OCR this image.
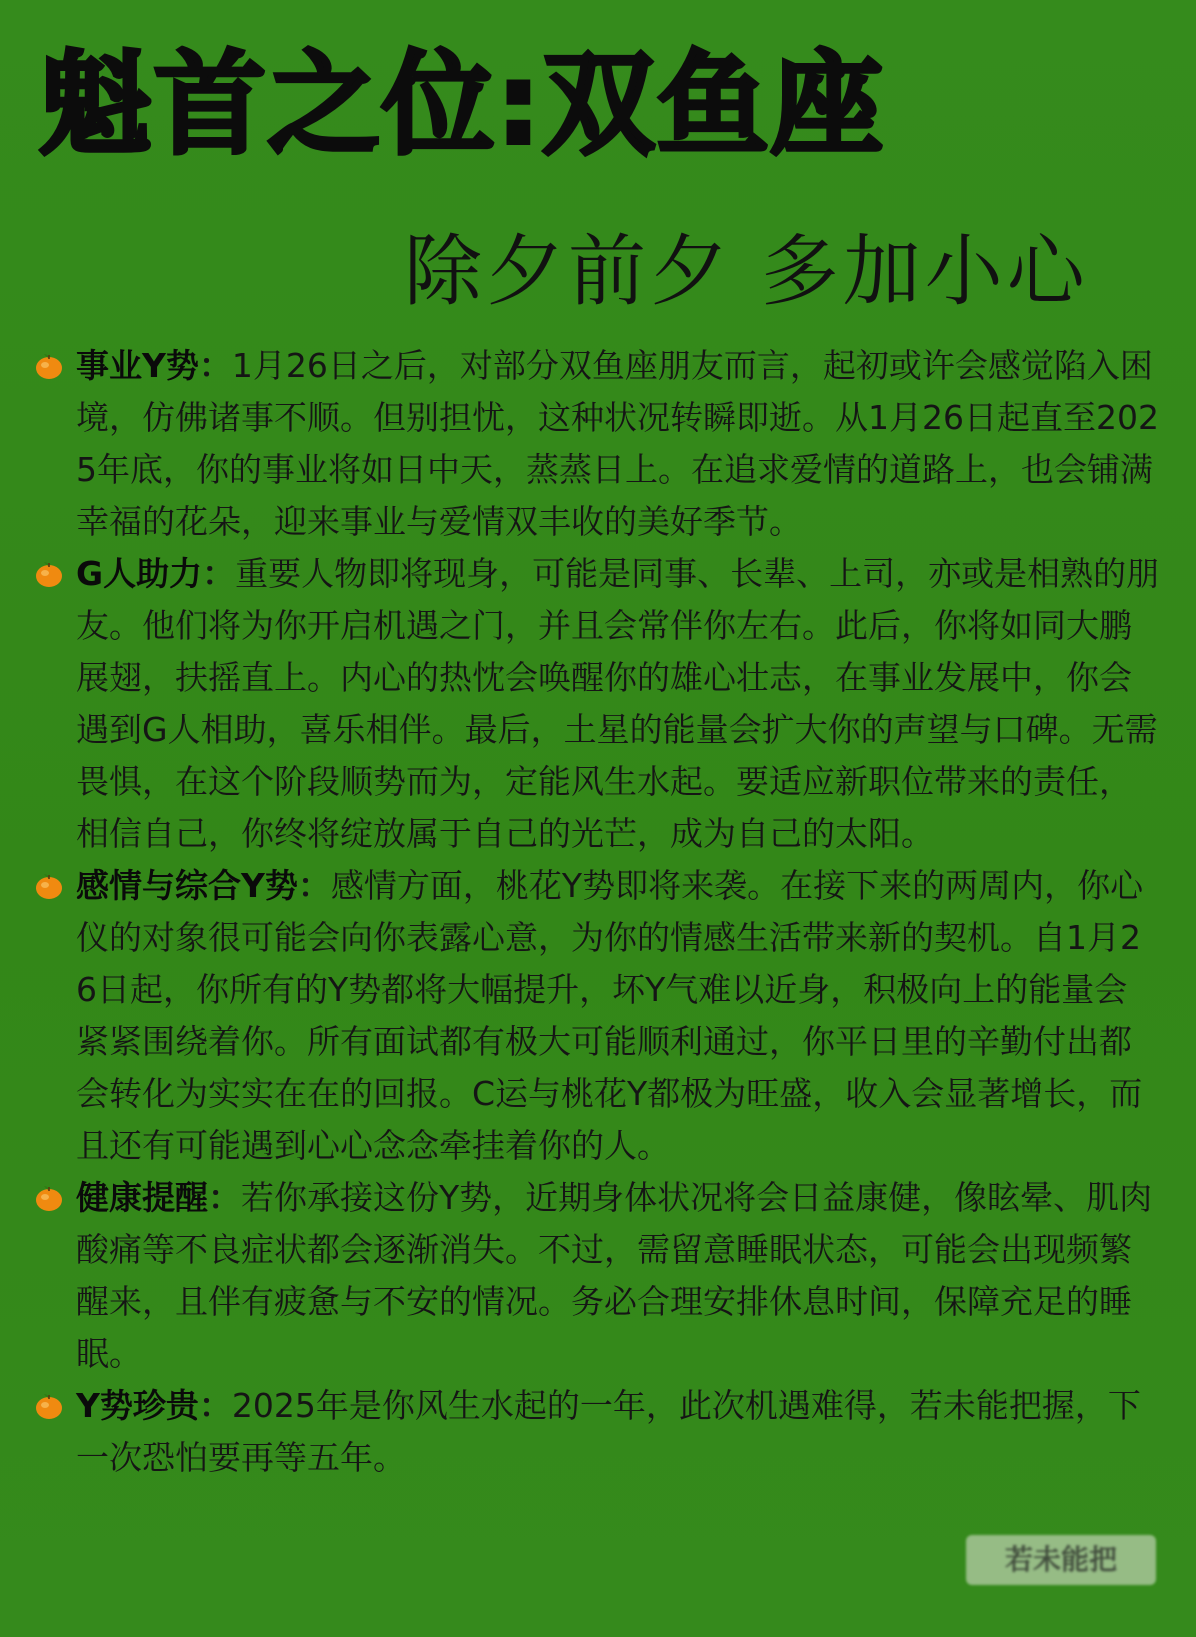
魁首之位:双鱼座
除夕前夕 多加小心
事业Y势：1月26日之后，对部分双鱼座朋友而言，起初或许会感觉陷入困境，仿佛诸事不顺。但别担忧，这种状况转瞬即逝。从1月26日起直至2025年底，你的事业将如日中天，蒸蒸日上。在追求爱情的道路上，也会铺满幸福的花朵，迎来事业与爱情双丰收的美好季节。
G人助力：重要人物即将现身，可能是同事、长辈、上司，亦或是相熟的朋友。他们将为你开启机遇之门，并且会常伴你左右。此后，你将如同大鹏展翅，扶摇直上。内心的热忱会唤醒你的雄心壮志，在事业发展中，你会遇到G人相助，喜乐相伴。最后，土星的能量会扩大你的声望与口碑。无需畏惧，在这个阶段顺势而为，定能风生水起。要适应新职位带来的责任，相信自己，你终将绽放属于自己的光芒，成为自己的太阳。
感情与综合Y势：感情方面，桃花Y势即将来袭。在接下来的两周内，你心仪的对象很可能会向你表露心意，为你的情感生活带来新的契机。自1月26日起，你所有的Y势都将大幅提升，坏Y气难以近身，积极向上的能量会紧紧围绕着你。所有面试都有极大可能顺利通过，你平日里的辛勤付出都会转化为实实在在的回报。C运与桃花Y都极为旺盛，收入会显著增长，而且还有可能遇到心心念念牵挂着你的人。
健康提醒：若你承接这份Y势，近期身体状况将会日益康健，像眩晕、肌肉酸痛等不良症状都会逐渐消失。不过，需留意睡眠状态，可能会出现频繁醒来，且伴有疲惫与不安的情况。务必合理安排休息时间，保障充足的睡眠。
Y势珍贵：2025年是你风生水起的一年，此次机遇难得，若未能把握，下一次恐怕要再等五年。
若未能把
